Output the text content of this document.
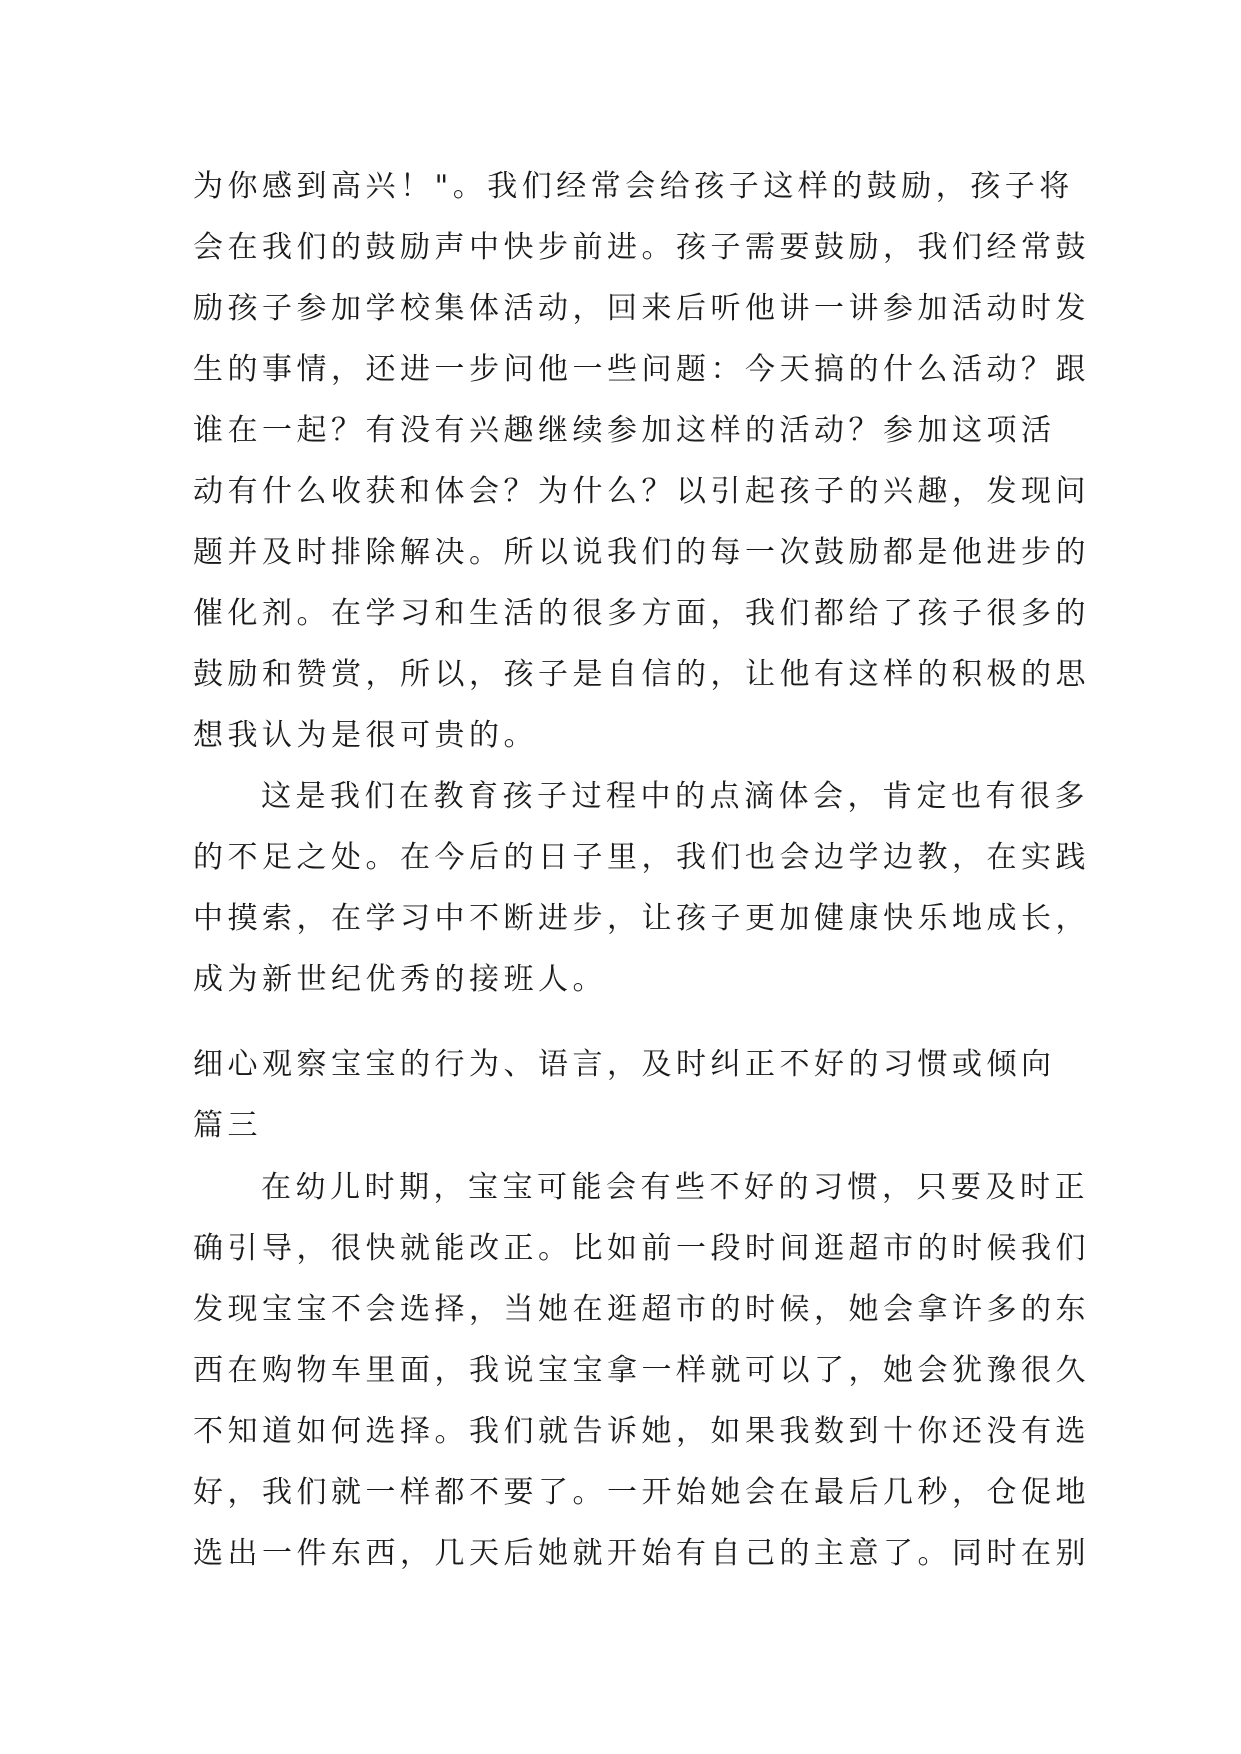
为你感到高兴！"。我们经常会给孩子这样的鼓励，孩子将
会在我们的鼓励声中快步前进。孩子需要鼓励，我们经常鼓
励孩子参加学校集体活动，回来后听他讲一讲参加活动时发
生的事情，还进一步问他一些问题：今天搞的什么活动？跟
谁在一起？有没有兴趣继续参加这样的活动？参加这项活
动有什么收获和体会？为什么？以引起孩子的兴趣，发现问
题并及时排除解决。所以说我们的每一次鼓励都是他进步的
催化剂。在学习和生活的很多方面，我们都给了孩子很多的
鼓励和赞赏，所以，孩子是自信的，让他有这样的积极的思
想我认为是很可贵的。
这是我们在教育孩子过程中的点滴体会，肯定也有很多
的不足之处。在今后的日子里，我们也会边学边教，在实践
中摸索，在学习中不断进步，让孩子更加健康快乐地成长，
成为新世纪优秀的接班人。
细心观察宝宝的行为、语言，及时纠正不好的习惯或倾向
篇三
在幼儿时期，宝宝可能会有些不好的习惯，只要及时正
确引导，很快就能改正。比如前一段时间逛超市的时候我们
发现宝宝不会选择，当她在逛超市的时候，她会拿许多的东
西在购物车里面，我说宝宝拿一样就可以了，她会犹豫很久
不知道如何选择。我们就告诉她，如果我数到十你还没有选
好，我们就一样都不要了。一开始她会在最后几秒，仓促地
选出一件东西，几天后她就开始有自己的主意了。同时在别
